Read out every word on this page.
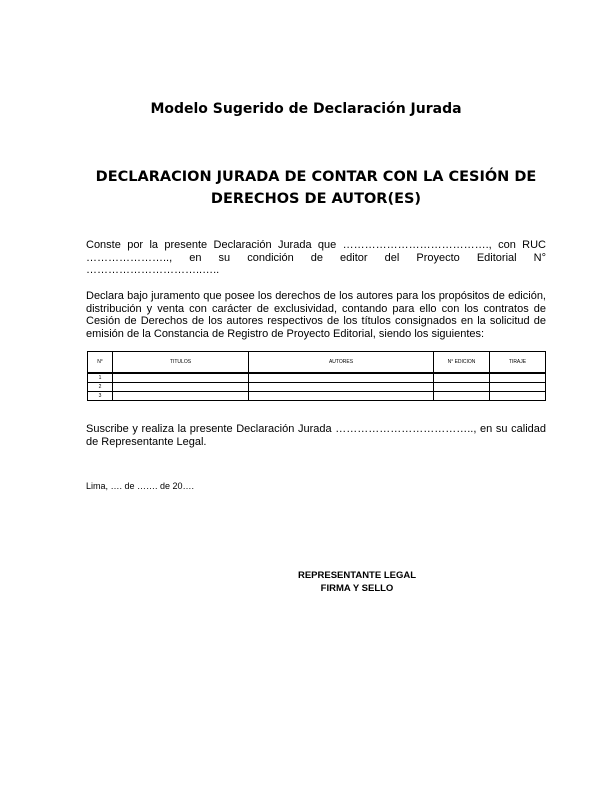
Modelo Sugerido de Declaración Jurada
DECLARACION JURADA DE CONTAR CON LA CESIÓN DE DERECHOS DE AUTOR(ES)
Conste por la presente Declaración Jurada que …………………………………., con RUC ………………….., en su condición de editor del Proyecto Editorial N° …………………………..…..
Declara bajo juramento que posee los derechos de los autores para los propósitos de edición, distribución y venta con carácter de exclusividad, contando para ello con los contratos de Cesión de Derechos de los autores respectivos de los títulos consignados en la solicitud de emisión de la Constancia de Registro de Proyecto Editorial, siendo los siguientes:
N°	TITULOS	AUTORES	N° EDICION	TIRAJE
1				
2				
3				
Suscribe y realiza la presente Declaración Jurada ……………………………….., en su calidad de Representante Legal.
Lima, …. de ……. de 20….
REPRESENTANTE LEGAL
FIRMA Y SELLO
